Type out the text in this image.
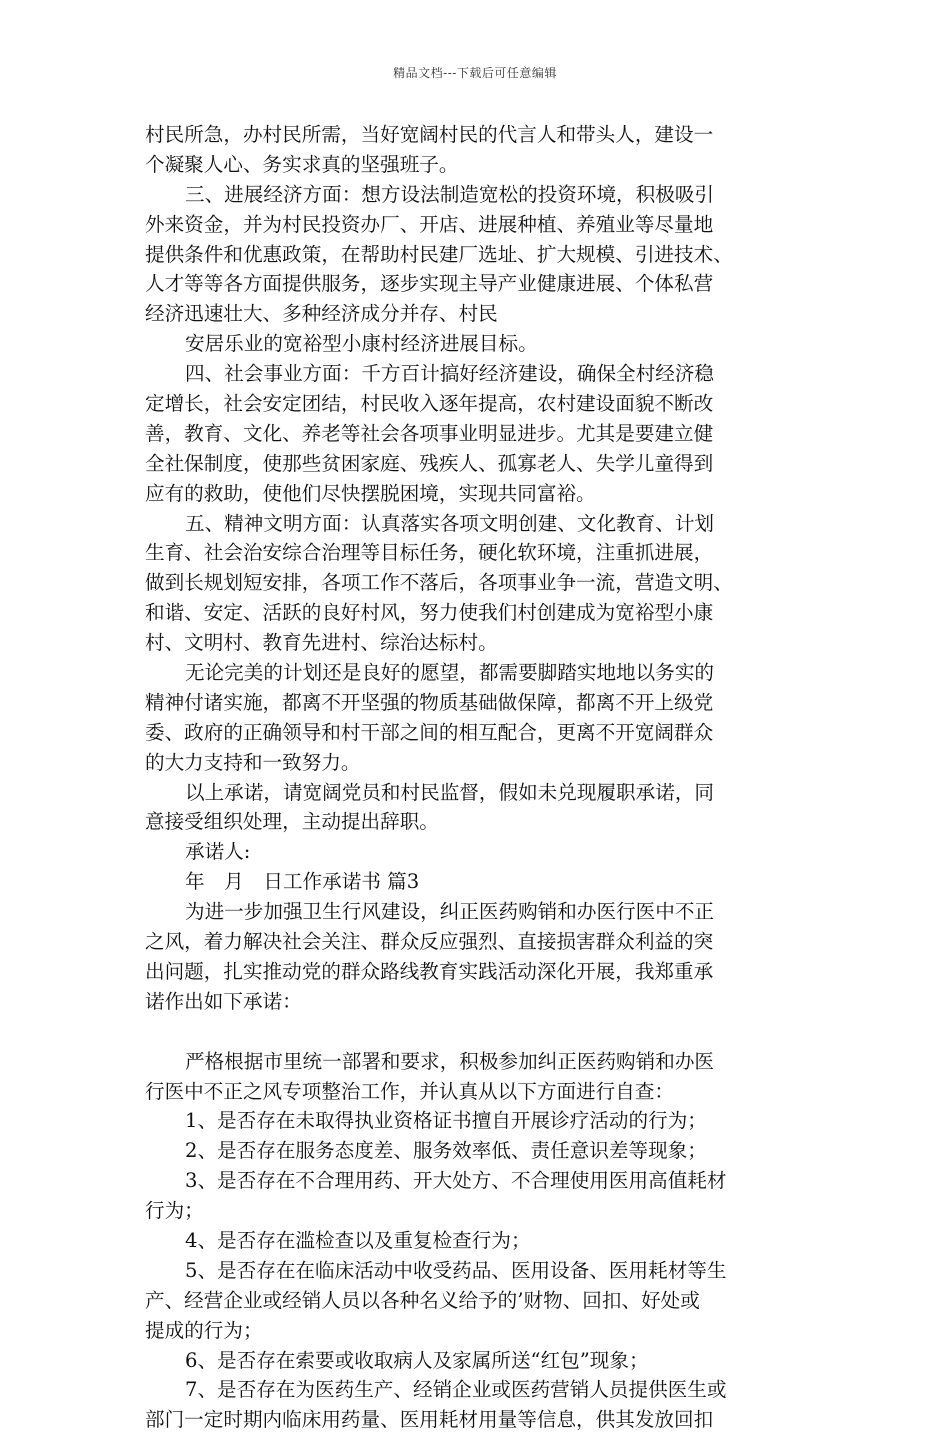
精品文档---下载后可任意编辑
村民所急，办村民所需，当好宽阔村民的代言人和带头人，建设一
个凝聚人心、务实求真的坚强班子。
三、进展经济方面：想方设法制造宽松的投资环境，积极吸引
外来资金，并为村民投资办厂、开店、进展种植、养殖业等尽量地
提供条件和优惠政策，在帮助村民建厂选址、扩大规模、引进技术、
人才等等各方面提供服务，逐步实现主导产业健康进展、个体私营
经济迅速壮大、多种经济成分并存、村民
安居乐业的宽裕型小康村经济进展目标。
四、社会事业方面：千方百计搞好经济建设，确保全村经济稳
定增长，社会安定团结，村民收入逐年提高，农村建设面貌不断改
善，教育、文化、养老等社会各项事业明显进步。尤其是要建立健
全社保制度，使那些贫困家庭、残疾人、孤寡老人、失学儿童得到
应有的救助，使他们尽快摆脱困境，实现共同富裕。
五、精神文明方面：认真落实各项文明创建、文化教育、计划
生育、社会治安综合治理等目标任务，硬化软环境，注重抓进展，
做到长规划短安排，各项工作不落后，各项事业争一流，营造文明、
和谐、安定、活跃的良好村风，努力使我们村创建成为宽裕型小康
村、文明村、教育先进村、综治达标村。
无论完美的计划还是良好的愿望，都需要脚踏实地地以务实的
精神付诸实施，都离不开坚强的物质基础做保障，都离不开上级党
委、政府的正确领导和村干部之间的相互配合，更离不开宽阔群众
的大力支持和一致努力。
以上承诺，请宽阔党员和村民监督，假如未兑现履职承诺，同
意接受组织处理，主动提出辞职。
承诺人:
年　月　日工作承诺书 篇3
为进一步加强卫生行风建设，纠正医药购销和办医行医中不正
之风，着力解决社会关注、群众反应强烈、直接损害群众利益的突
出问题，扎实推动党的群众路线教育实践活动深化开展，我郑重承
诺作出如下承诺：
严格根据市里统一部署和要求，积极参加纠正医药购销和办医
行医中不正之风专项整治工作，并认真从以下方面进行自查：
1、是否存在未取得执业资格证书擅自开展诊疗活动的行为；
2、是否存在服务态度差、服务效率低、责任意识差等现象；
3、是否存在不合理用药、开大处方、不合理使用医用高值耗材
行为；
4、是否存在滥检查以及重复检查行为；
5、是否存在在临床活动中收受药品、医用设备、医用耗材等生
产、经营企业或经销人员以各种名义给予的’财物、回扣、好处或
提成的行为；
6、是否存在索要或收取病人及家属所送“红包”现象；
7、是否存在为医药生产、经销企业或医药营销人员提供医生或
部门一定时期内临床用药量、医用耗材用量等信息，供其发放回扣
